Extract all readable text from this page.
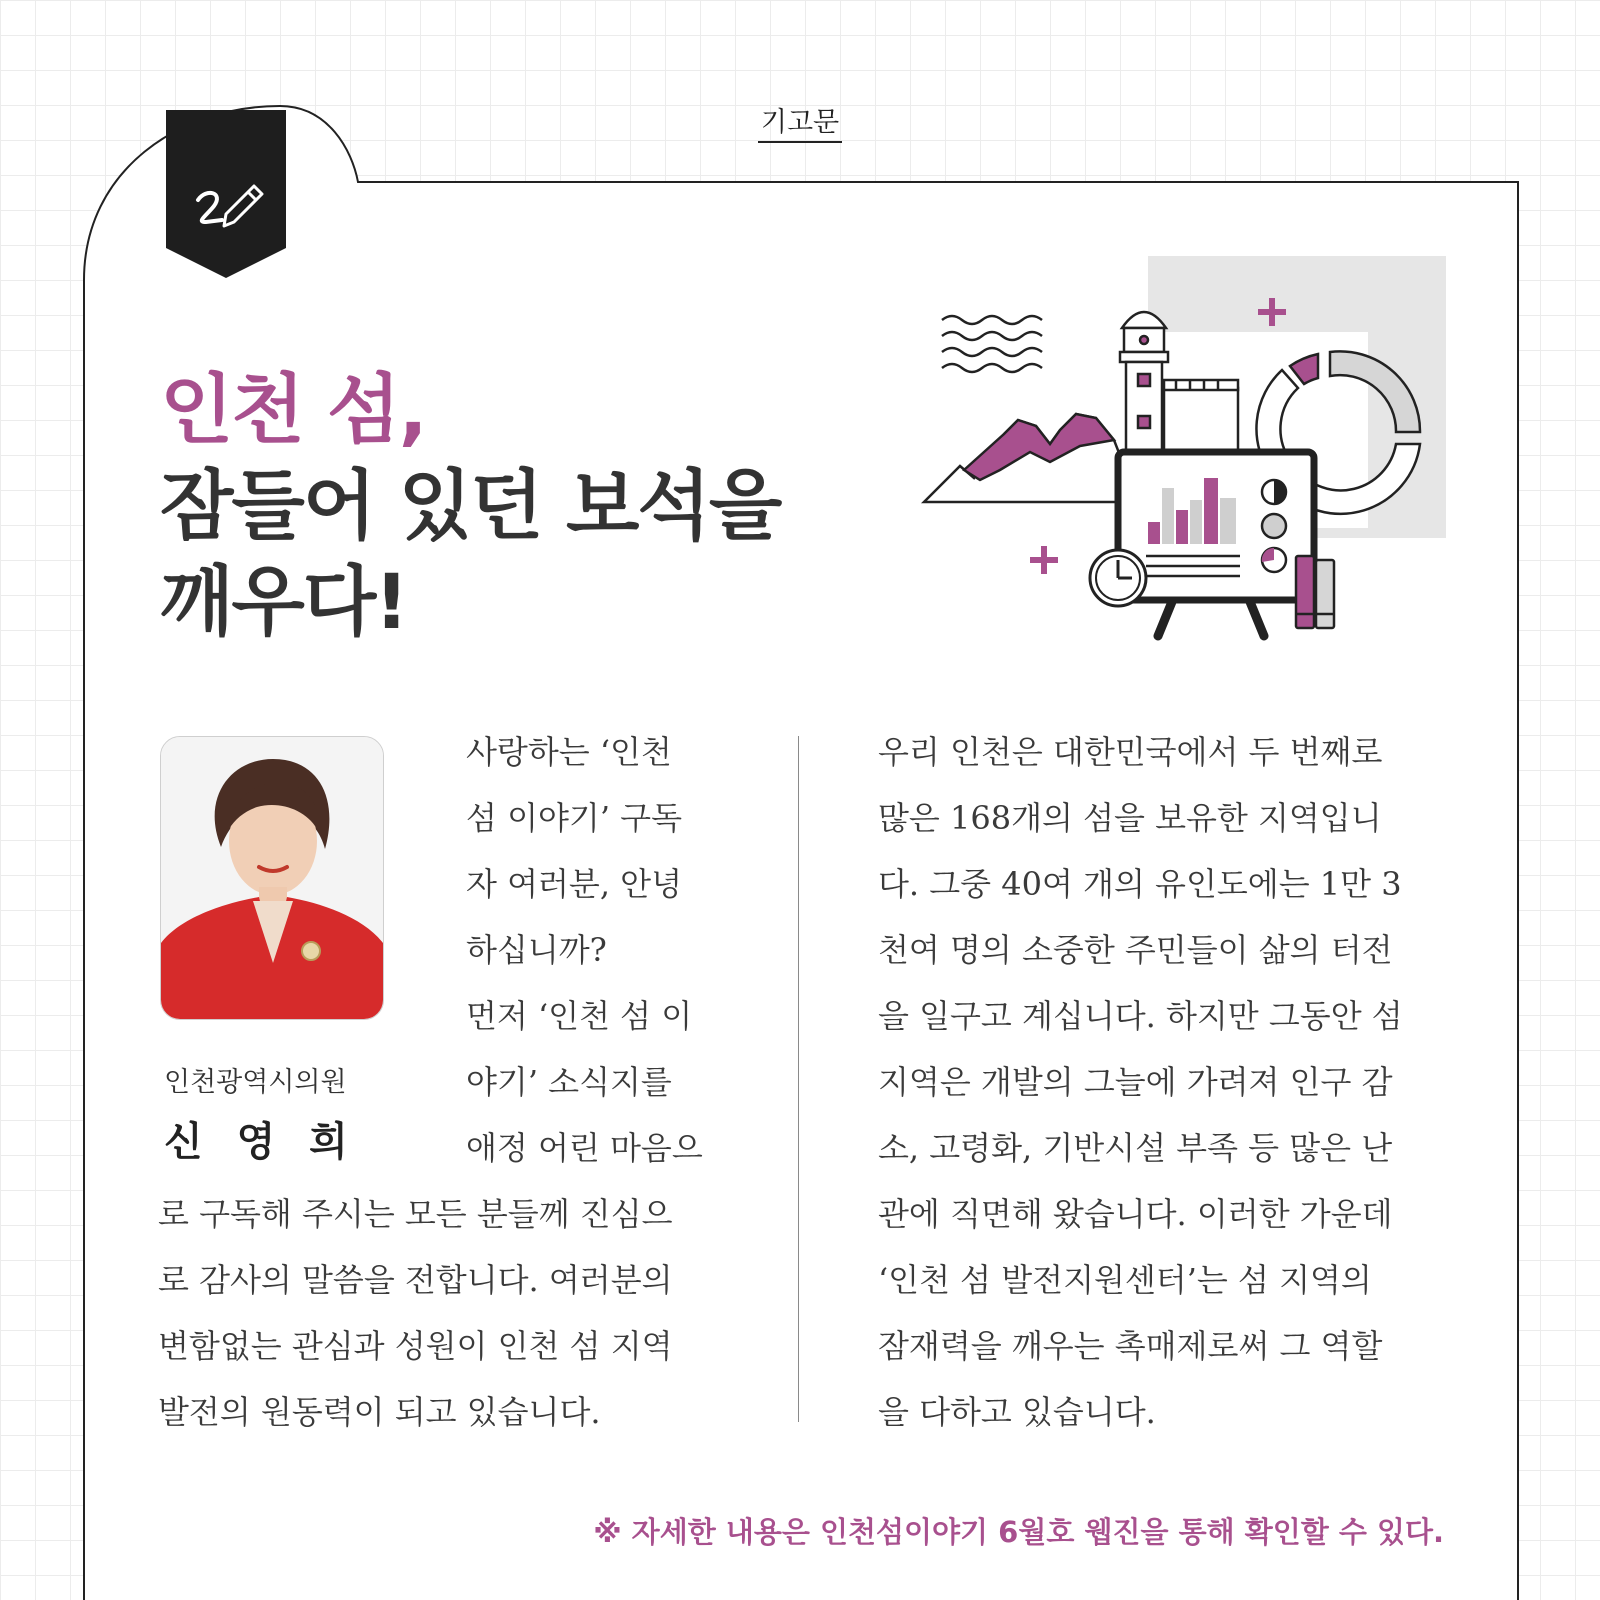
기고문
인천 섬,
잠들어 있던 보석을
깨우다!
인천광역시의원
신 영 희
사랑하는 ‘인천
섬 이야기’ 구독
자 여러분, 안녕
하십니까?
먼저 ‘인천 섬 이
야기’ 소식지를
애정 어린 마음으
로 구독해 주시는 모든 분들께 진심으
로 감사의 말씀을 전합니다. 여러분의
변함없는 관심과 성원이 인천 섬 지역
발전의 원동력이 되고 있습니다.
우리 인천은 대한민국에서 두 번째로
많은 168개의 섬을 보유한 지역입니
다. 그중 40여 개의 유인도에는 1만 3
천여 명의 소중한 주민들이 삶의 터전
을 일구고 계십니다. 하지만 그동안 섬
지역은 개발의 그늘에 가려져 인구 감
소, 고령화, 기반시설 부족 등 많은 난
관에 직면해 왔습니다. 이러한 가운데
‘인천 섬 발전지원센터’는 섬 지역의
잠재력을 깨우는 촉매제로써 그 역할
을 다하고 있습니다.
※ 자세한 내용은 인천섬이야기 6월호 웹진을 통해 확인할 수 있다.
